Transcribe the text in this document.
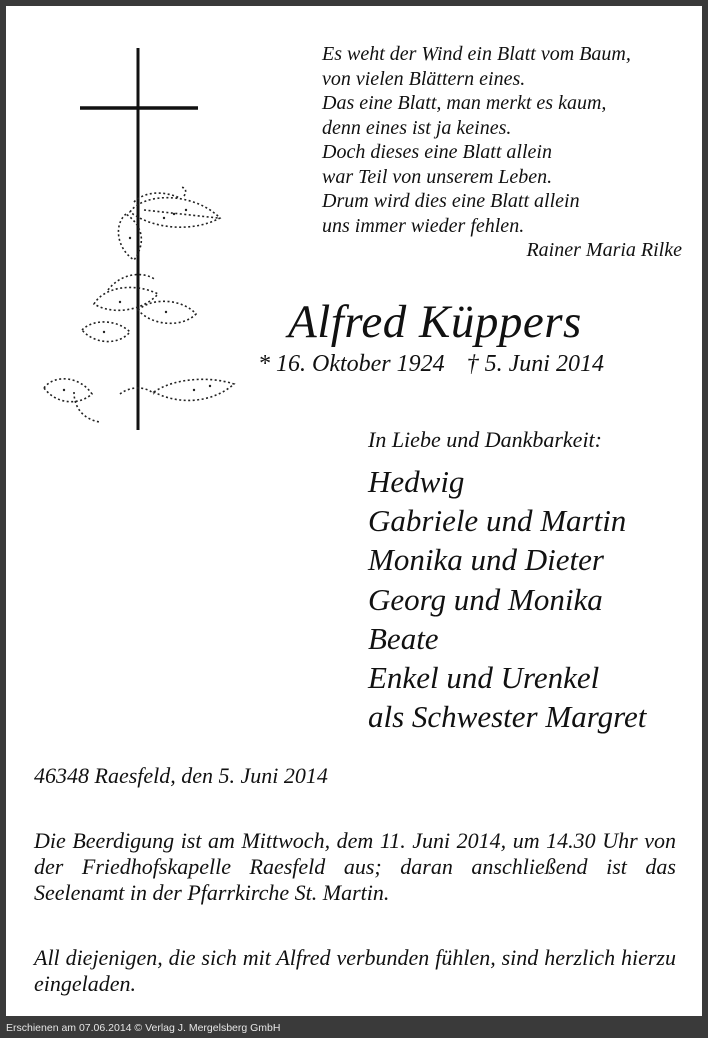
Es weht der Wind ein Blatt vom Baum,
von vielen Blättern eines.
Das eine Blatt, man merkt es kaum,
denn eines ist ja keines.
Doch dieses eine Blatt allein
war Teil von unserem Leben.
Drum wird dies eine Blatt allein
uns immer wieder fehlen.
Rainer Maria Rilke
Alfred Küppers
* 16. Oktober 1924 † 5. Juni 2014
In Liebe und Dankbarkeit:
Hedwig
Gabriele und Martin
Monika und Dieter
Georg und Monika
Beate
Enkel und Urenkel
als Schwester Margret
46348 Raesfeld, den 5. Juni 2014
Die Beerdigung ist am Mittwoch, dem 11. Juni 2014, um 14.30 Uhr von der Friedhofskapelle Raesfeld aus; daran anschließend ist das Seelenamt in der Pfarrkirche St. Martin.
All diejenigen, die sich mit Alfred verbunden fühlen, sind herzlich hierzu eingeladen.
Erschienen am 07.06.2014 © Verlag J. Mergelsberg GmbH
